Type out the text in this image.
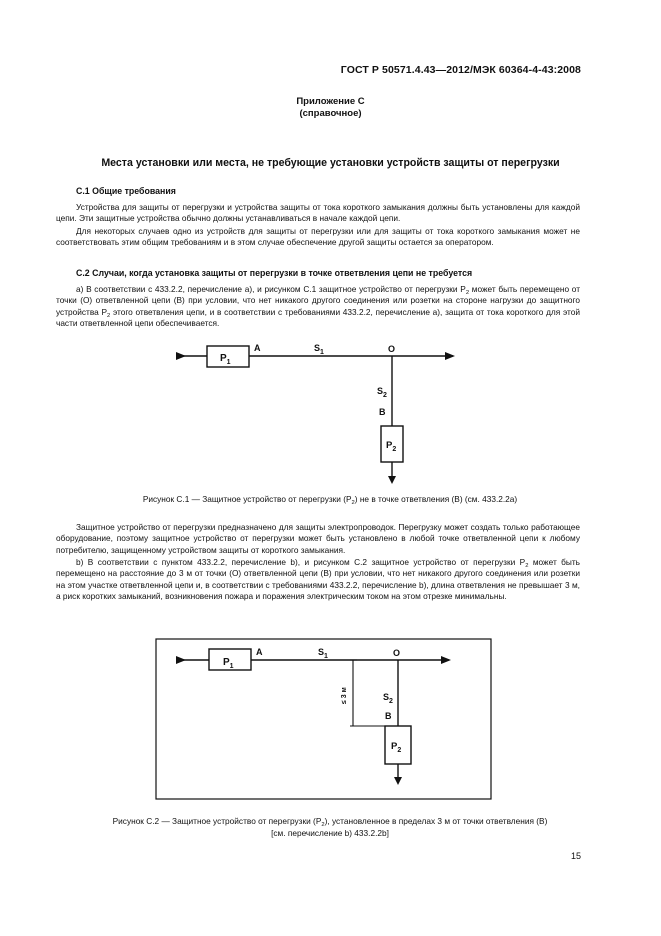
ГОСТ Р 50571.4.43—2012/МЭК 60364-4-43:2008
Приложение С
(справочное)
Места установки или места, не требующие установки устройств защиты от перегрузки
С.1 Общие требования
Устройства для защиты от перегрузки и устройства защиты от тока короткого замыкания должны быть установлены для каждой цепи. Эти защитные устройства обычно должны устанавливаться в начале каждой цепи.
Для некоторых случаев одно из устройств для защиты от перегрузки или для защиты от тока короткого замыкания может не соответствовать этим общим требованиям и в этом случае обеспечение другой защиты остается за оператором.
С.2 Случаи, когда установка защиты от перегрузки в точке ответвления цепи не требуется
а) В соответствии с 433.2.2, перечисление а), и рисунком С.1 защитное устройство от перегрузки $Р_2$ может быть перемещено от точки (О) ответвленной цепи (В) при условии, что нет никакого другого соединения или розетки на стороне нагрузки до защитного устройства $Р_2$ этого ответвления цепи, и в соответствии с требованиями 433.2.2, перечисление а), защита от тока короткого для этой части ответвленной цепи обеспечивается.
$P_1$
A	$S_1$	O
$S_2$
B
$P_2$
Рисунок С.1 — Защитное устройство от перегрузки $(Р_2)$ не в точке ответвления (В) (см. 433.2.2а)
Защитное устройство от перегрузки предназначено для защиты электропроводок. Перегрузку может создать только работающее оборудование, поэтому защитное устройство от перегрузки может быть установлено в любой точке ответвленной цепи к любому потребителю, защищенному устройством защиты от короткого замыкания.
b) В соответствии с пунктом 433.2.2, перечисление b), и рисунком С.2 защитное устройство от перегрузки $Р_2$ может быть перемещено на расстояние до 3 м от точки (О) ответвленной цепи (В) при условии, что нет никакого другого соединения или розетки на этом участке ответвленной цепи и, в соответствии с требованиями 433.2.2, перечисление b), длина ответвления не превышает 3 м, а риск коротких замыканий, возникновения пожара и поражения электрическим током на этом отрезке минимальны.
$P_1$
A	$S_1$	O
$S_2$
B
$P_2$
≤ 3 м
Рисунок С.2 — Защитное устройство от перегрузки $(Р_2)$, установленное в пределах 3 м от точки ответвления (В)
[см. перечисление b) 433.2.2b]
15
